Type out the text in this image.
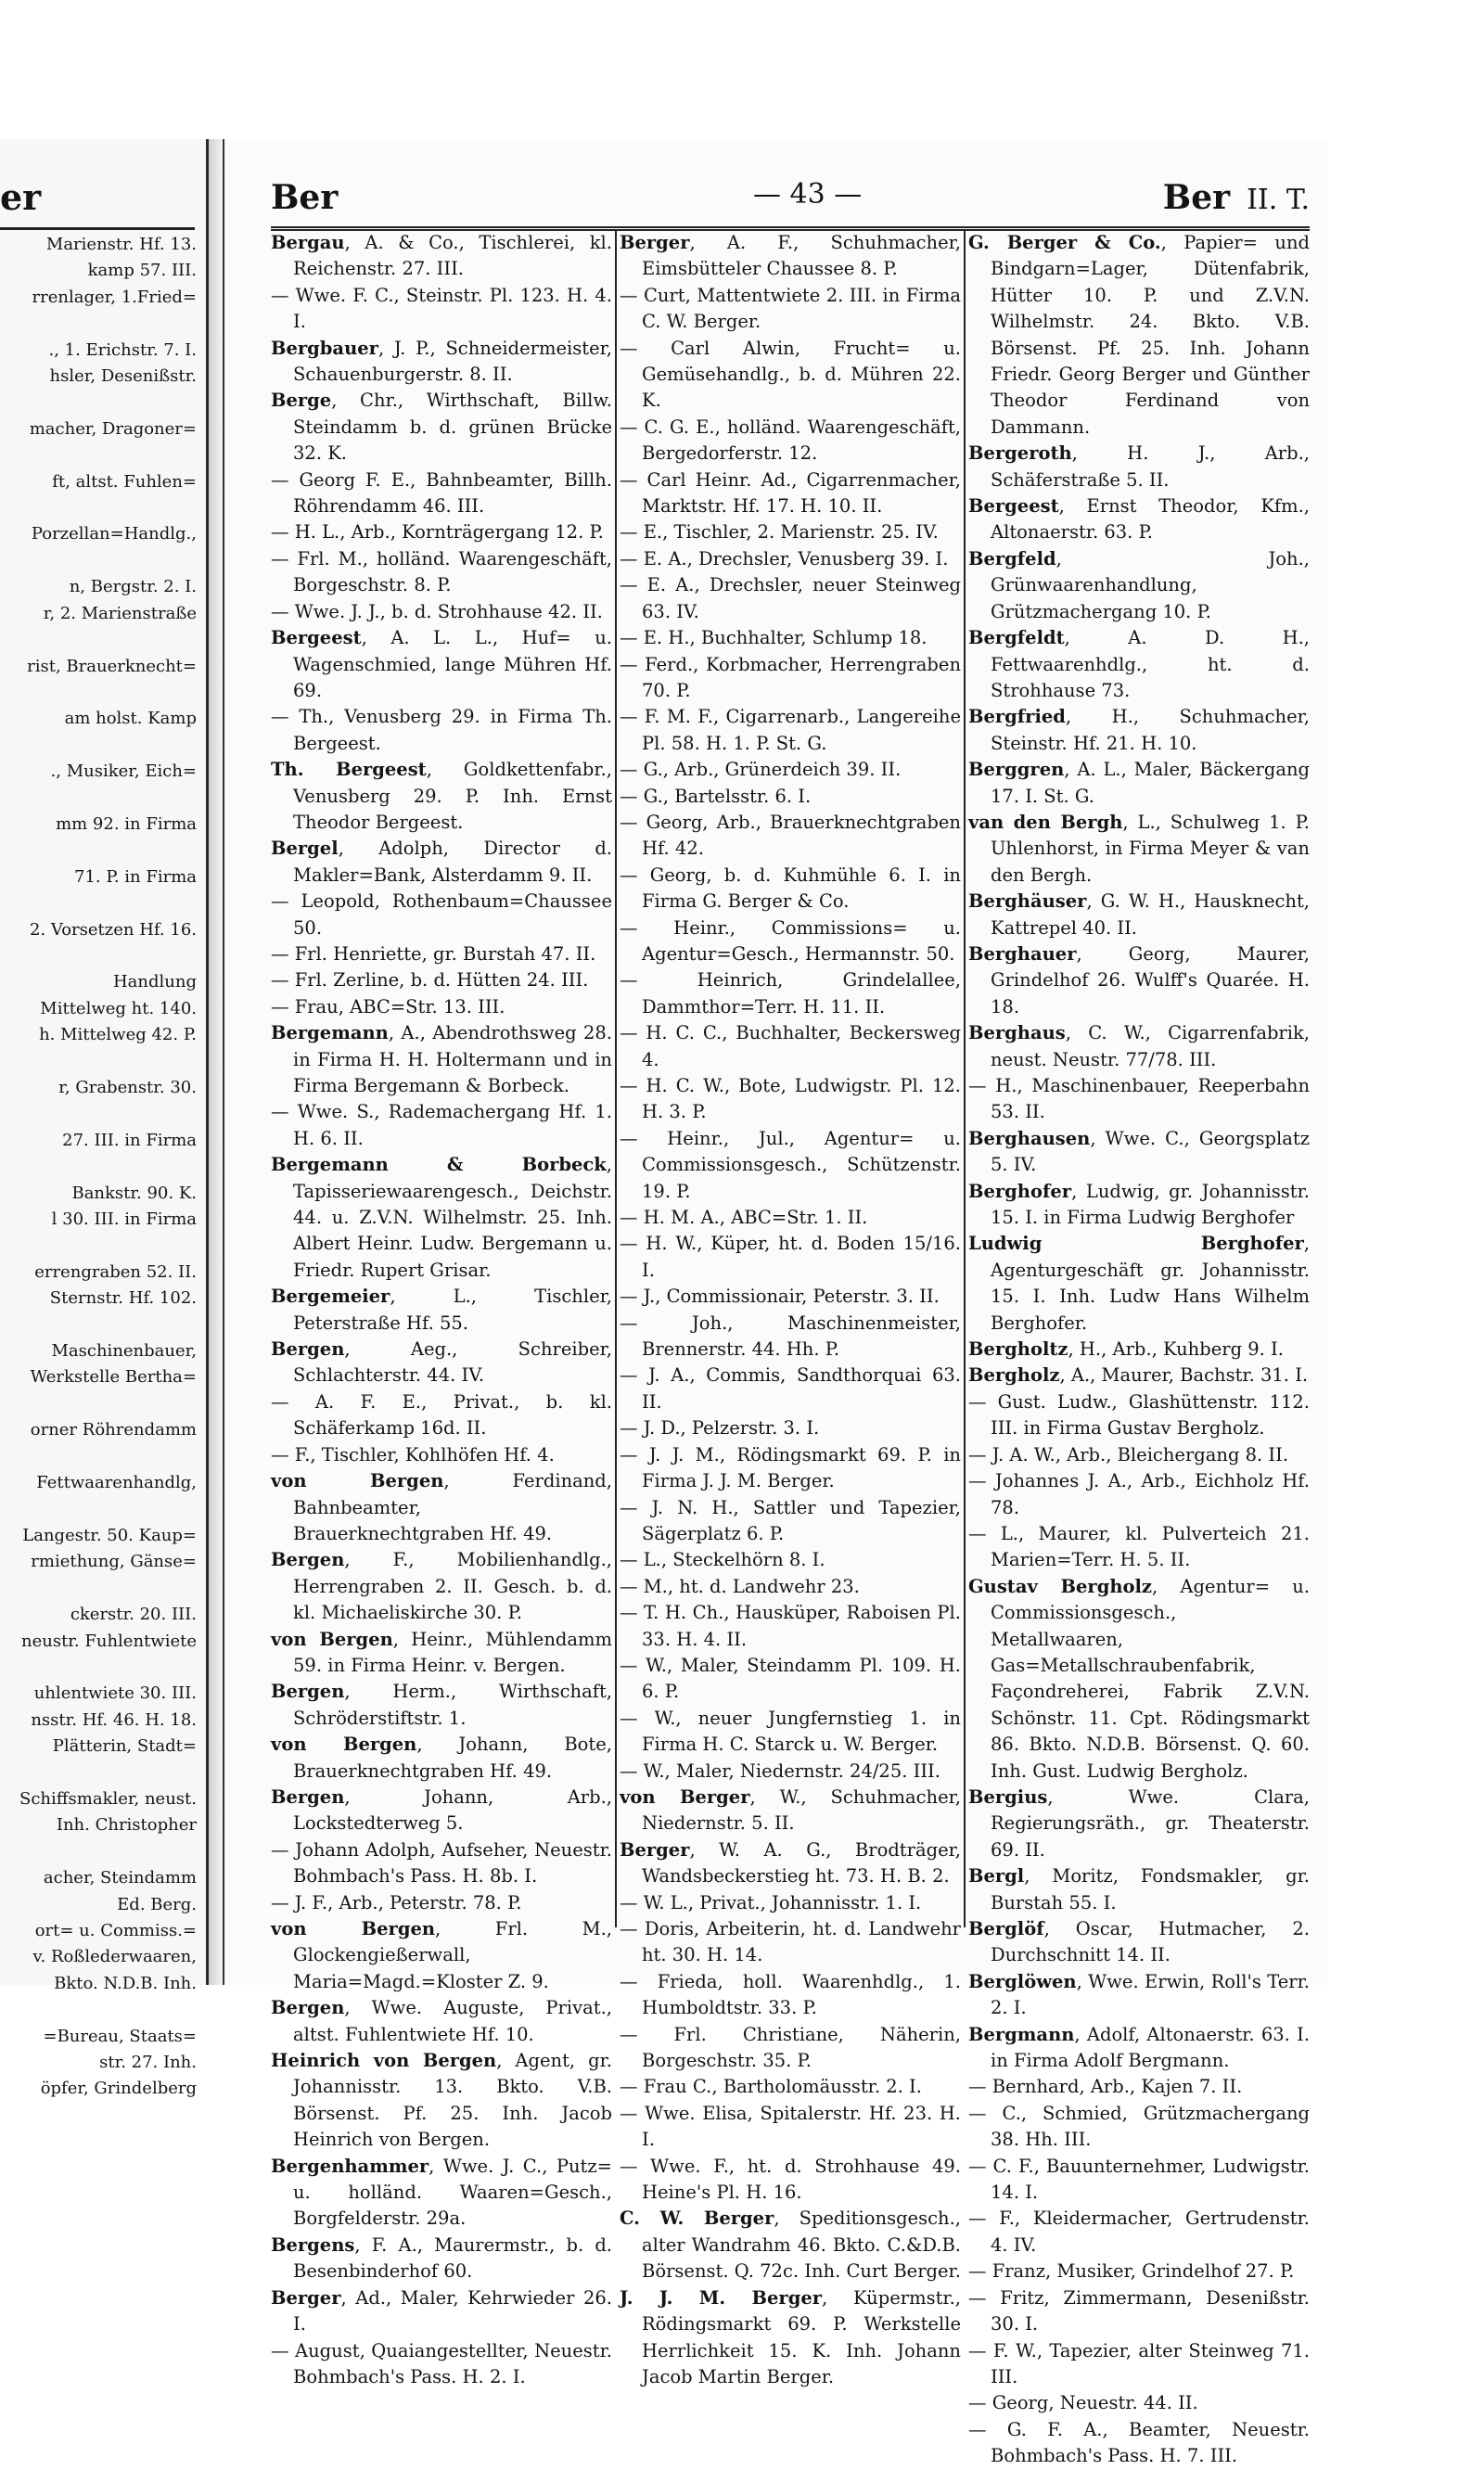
er
Marienstr. Hf. 13.
kamp 57. III.
rrenlager, 1.Fried=

., 1. Erichstr. 7. I.
hsler, Desenißstr.

macher, Dragoner=

ft, altst. Fuhlen=

Porzellan=Handlg.,

n, Bergstr. 2. I.
r, 2. Marienstraße

rist, Brauerknecht=

am holst. Kamp

., Musiker, Eich=

mm 92. in Firma

71. P. in Firma

2. Vorsetzen Hf. 16.

Handlung
Mittelweg ht. 140.
h. Mittelweg 42. P.

r, Grabenstr. 30.

27. III. in Firma

Bankstr. 90. K.
l 30. III. in Firma

errengraben 52. II.
Sternstr. Hf. 102.

Maschinenbauer,
Werkstelle Bertha=

orner Röhrendamm

Fettwaarenhandlg,

Langestr. 50. Kaup=
rmiethung, Gänse=

ckerstr. 20. III.
neustr. Fuhlentwiete

uhlentwiete 30. III.
nsstr. Hf. 46. H. 18.
Plätterin, Stadt=

Schiffsmakler, neust.
Inh. Christopher

acher, Steindamm
Ed. Berg.
ort= u. Commiss.=
v. Roßlederwaaren,
Bkto. N.D.B. Inh.

=Bureau, Staats=
str. 27. Inh.
öpfer, Grindelberg
Ber	— 43 —	Ber II. T.
Bergau, A. & Co., Tischlerei, kl. Reichenstr. 27. III.
— Wwe. F. C., Steinstr. Pl. 123. H. 4. I.
Bergbauer, J. P., Schneidermeister, Schauenburgerstr. 8. II.
Berge, Chr., Wirthschaft, Billw. Steindamm b. d. grünen Brücke 32. K.
— Georg F. E., Bahnbeamter, Billh. Röhrendamm 46. III.
— H. L., Arb., Kornträgergang 12. P.
— Frl. M., holländ. Waarengeschäft, Borgeschstr. 8. P.
— Wwe. J. J., b. d. Strohhause 42. II.
Bergeest, A. L. L., Huf= u. Wagenschmied, lange Mühren Hf. 69.
— Th., Venusberg 29. in Firma Th. Bergeest.
Th. Bergeest, Goldkettenfabr., Venusberg 29. P. Inh. Ernst Theodor Bergeest.
Bergel, Adolph, Director d. Makler=Bank, Alsterdamm 9. II.
— Leopold, Rothenbaum=Chaussee 50.
— Frl. Henriette, gr. Burstah 47. II.
— Frl. Zerline, b. d. Hütten 24. III.
— Frau, ABC=Str. 13. III.
Bergemann, A., Abendrothsweg 28. in Firma H. H. Holtermann und in Firma Bergemann & Borbeck.
— Wwe. S., Rademachergang Hf. 1. H. 6. II.
Bergemann & Borbeck, Tapisseriewaarengesch., Deichstr. 44. u. Z.V.N. Wilhelmstr. 25. Inh. Albert Heinr. Ludw. Bergemann u. Friedr. Rupert Grisar.
Bergemeier, L., Tischler, Peterstraße Hf. 55.
Bergen, Aeg., Schreiber, Schlachterstr. 44. IV.
— A. F. E., Privat., b. kl. Schäferkamp 16d. II.
— F., Tischler, Kohlhöfen Hf. 4.
von Bergen, Ferdinand, Bahnbeamter, Brauerknechtgraben Hf. 49.
Bergen, F., Mobilienhandlg., Herrengraben 2. II. Gesch. b. d. kl. Michaeliskirche 30. P.
von Bergen, Heinr., Mühlendamm 59. in Firma Heinr. v. Bergen.
Bergen, Herm., Wirthschaft, Schröderstiftstr. 1.
von Bergen, Johann, Bote, Brauerknechtgraben Hf. 49.
Bergen, Johann, Arb., Lockstedterweg 5.
— Johann Adolph, Aufseher, Neuestr. Bohmbach's Pass. H. 8b. I.
— J. F., Arb., Peterstr. 78. P.
von Bergen, Frl. M., Glockengießerwall, Maria=Magd.=Kloster Z. 9.
Bergen, Wwe. Auguste, Privat., altst. Fuhlentwiete Hf. 10.
Heinrich von Bergen, Agent, gr. Johannisstr. 13. Bkto. V.B. Börsenst. Pf. 25. Inh. Jacob Heinrich von Bergen.
Bergenhammer, Wwe. J. C., Putz= u. holländ. Waaren=Gesch., Borgfelderstr. 29a.
Bergens, F. A., Maurermstr., b. d. Besenbinderhof 60.
Berger, Ad., Maler, Kehrwieder 26. I.
— August, Quaiangestellter, Neuestr. Bohmbach's Pass. H. 2. I.
Berger, A. F., Schuhmacher, Eimsbütteler Chaussee 8. P.
— Curt, Mattentwiete 2. III. in Firma C. W. Berger.
— Carl Alwin, Frucht= u. Gemüsehandlg., b. d. Mühren 22. K.
— C. G. E., holländ. Waarengeschäft, Bergedorferstr. 12.
— Carl Heinr. Ad., Cigarrenmacher, Marktstr. Hf. 17. H. 10. II.
— E., Tischler, 2. Marienstr. 25. IV.
— E. A., Drechsler, Venusberg 39. I.
— E. A., Drechsler, neuer Steinweg 63. IV.
— E. H., Buchhalter, Schlump 18.
— Ferd., Korbmacher, Herrengraben 70. P.
— F. M. F., Cigarrenarb., Langereihe Pl. 58. H. 1. P. St. G.
— G., Arb., Grünerdeich 39. II.
— G., Bartelsstr. 6. I.
— Georg, Arb., Brauerknechtgraben Hf. 42.
— Georg, b. d. Kuhmühle 6. I. in Firma G. Berger & Co.
— Heinr., Commissions= u. Agentur=Gesch., Hermannstr. 50.
— Heinrich, Grindelallee, Dammthor=Terr. H. 11. II.
— H. C. C., Buchhalter, Beckersweg 4.
— H. C. W., Bote, Ludwigstr. Pl. 12. H. 3. P.
— Heinr., Jul., Agentur= u. Commissionsgesch., Schützenstr. 19. P.
— H. M. A., ABC=Str. 1. II.
— H. W., Küper, ht. d. Boden 15/16. I.
— J., Commissionair, Peterstr. 3. II.
— Joh., Maschinenmeister, Brennerstr. 44. Hh. P.
— J. A., Commis, Sandthorquai 63. II.
— J. D., Pelzerstr. 3. I.
— J. J. M., Rödingsmarkt 69. P. in Firma J. J. M. Berger.
— J. N. H., Sattler und Tapezier, Sägerplatz 6. P.
— L., Steckelhörn 8. I.
— M., ht. d. Landwehr 23.
— T. H. Ch., Hausküper, Raboisen Pl. 33. H. 4. II.
— W., Maler, Steindamm Pl. 109. H. 6. P.
— W., neuer Jungfernstieg 1. in Firma H. C. Starck u. W. Berger.
— W., Maler, Niedernstr. 24/25. III.
von Berger, W., Schuhmacher, Niedernstr. 5. II.
Berger, W. A. G., Brodträger, Wandsbeckerstieg ht. 73. H. B. 2.
— W. L., Privat., Johannisstr. 1. I.
— Doris, Arbeiterin, ht. d. Landwehr ht. 30. H. 14.
— Frieda, holl. Waarenhdlg., 1. Humboldtstr. 33. P.
— Frl. Christiane, Näherin, Borgeschstr. 35. P.
— Frau C., Bartholomäusstr. 2. I.
— Wwe. Elisa, Spitalerstr. Hf. 23. H. I.
— Wwe. F., ht. d. Strohhause 49. Heine's Pl. H. 16.
C. W. Berger, Speditionsgesch., alter Wandrahm 46. Bkto. C.&D.B. Börsenst. Q. 72c. Inh. Curt Berger.
J. J. M. Berger, Küpermstr., Rödingsmarkt 69. P. Werkstelle Herrlichkeit 15. K. Inh. Johann Jacob Martin Berger.
G. Berger & Co., Papier= und Bindgarn=Lager, Dütenfabrik, Hütter 10. P. und Z.V.N. Wilhelmstr. 24. Bkto. V.B. Börsenst. Pf. 25. Inh. Johann Friedr. Georg Berger und Günther Theodor Ferdinand von Dammann.
Bergeroth, H. J., Arb., Schäferstraße 5. II.
Bergeest, Ernst Theodor, Kfm., Altonaerstr. 63. P.
Bergfeld, Joh., Grünwaarenhandlung, Grützmachergang 10. P.
Bergfeldt, A. D. H., Fettwaarenhdlg., ht. d. Strohhause 73.
Bergfried, H., Schuhmacher, Steinstr. Hf. 21. H. 10.
Berggren, A. L., Maler, Bäckergang 17. I. St. G.
van den Bergh, L., Schulweg 1. P. Uhlenhorst, in Firma Meyer & van den Bergh.
Berghäuser, G. W. H., Hausknecht, Kattrepel 40. II.
Berghauer, Georg, Maurer, Grindelhof 26. Wulff's Quarée. H. 18.
Berghaus, C. W., Cigarrenfabrik, neust. Neustr. 77/78. III.
— H., Maschinenbauer, Reeperbahn 53. II.
Berghausen, Wwe. C., Georgsplatz 5. IV.
Berghofer, Ludwig, gr. Johannisstr. 15. I. in Firma Ludwig Berghofer
Ludwig Berghofer, Agenturgeschäft gr. Johannisstr. 15. I. Inh. Ludw Hans Wilhelm Berghofer.
Bergholtz, H., Arb., Kuhberg 9. I.
Bergholz, A., Maurer, Bachstr. 31. I.
— Gust. Ludw., Glashüttenstr. 112. III. in Firma Gustav Bergholz.
— J. A. W., Arb., Bleichergang 8. II.
— Johannes J. A., Arb., Eichholz Hf. 78.
— L., Maurer, kl. Pulverteich 21. Marien=Terr. H. 5. II.
Gustav Bergholz, Agentur= u. Commissionsgesch., Metallwaaren, Gas=Metallschraubenfabrik, Façondreherei, Fabrik Z.V.N. Schönstr. 11. Cpt. Rödingsmarkt 86. Bkto. N.D.B. Börsenst. Q. 60. Inh. Gust. Ludwig Bergholz.
Bergius, Wwe. Clara, Regierungsräth., gr. Theaterstr. 69. II.
Bergl, Moritz, Fondsmakler, gr. Burstah 55. I.
Berglöf, Oscar, Hutmacher, 2. Durchschnitt 14. II.
Berglöwen, Wwe. Erwin, Roll's Terr. 2. I.
Bergmann, Adolf, Altonaerstr. 63. I. in Firma Adolf Bergmann.
— Bernhard, Arb., Kajen 7. II.
— C., Schmied, Grützmachergang 38. Hh. III.
— C. F., Bauunternehmer, Ludwigstr. 14. I.
— F., Kleidermacher, Gertrudenstr. 4. IV.
— Franz, Musiker, Grindelhof 27. P.
— Fritz, Zimmermann, Desenißstr. 30. I.
— F. W., Tapezier, alter Steinweg 71. III.
— Georg, Neuestr. 44. II.
— G. F. A., Beamter, Neuestr. Bohmbach's Pass. H. 7. III.
